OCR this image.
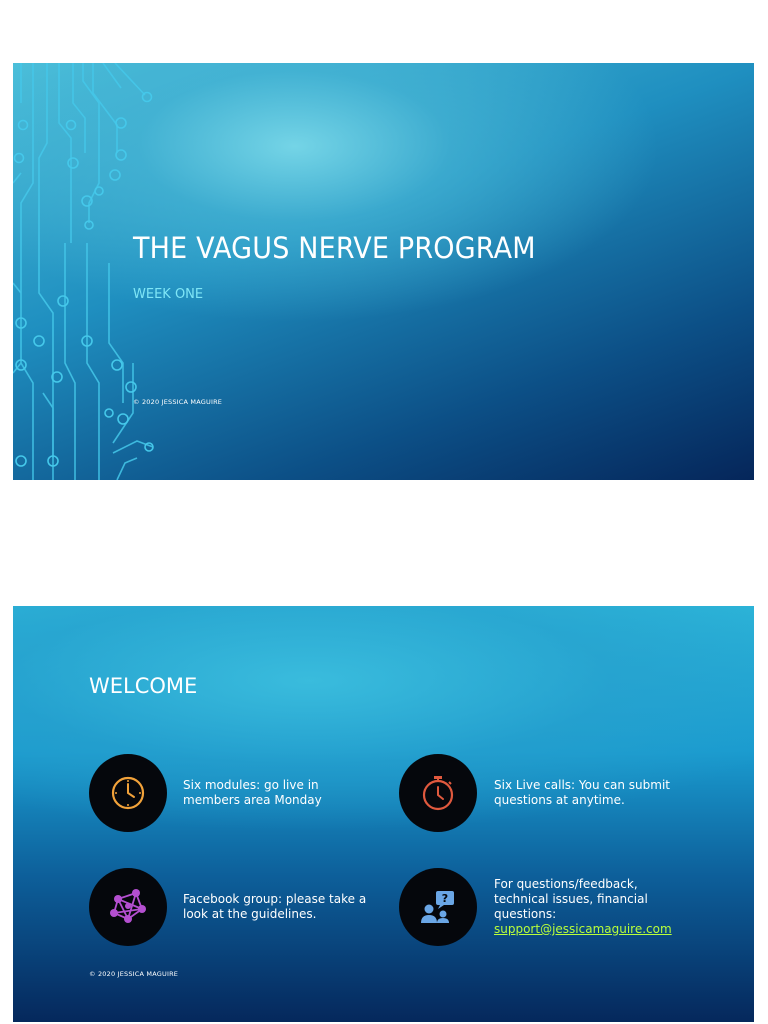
THE VAGUS NERVE PROGRAM
WEEK ONE
© 2020 JESSICA MAGUIRE
WELCOME
Six modules: go live in members area Monday
Six Live calls: You can submit questions at anytime.
Facebook group: please take a look at the guidelines.
?
For questions/feedback, technical issues, financial questions:
support@jessicamaguire.com
© 2020 JESSICA MAGUIRE
